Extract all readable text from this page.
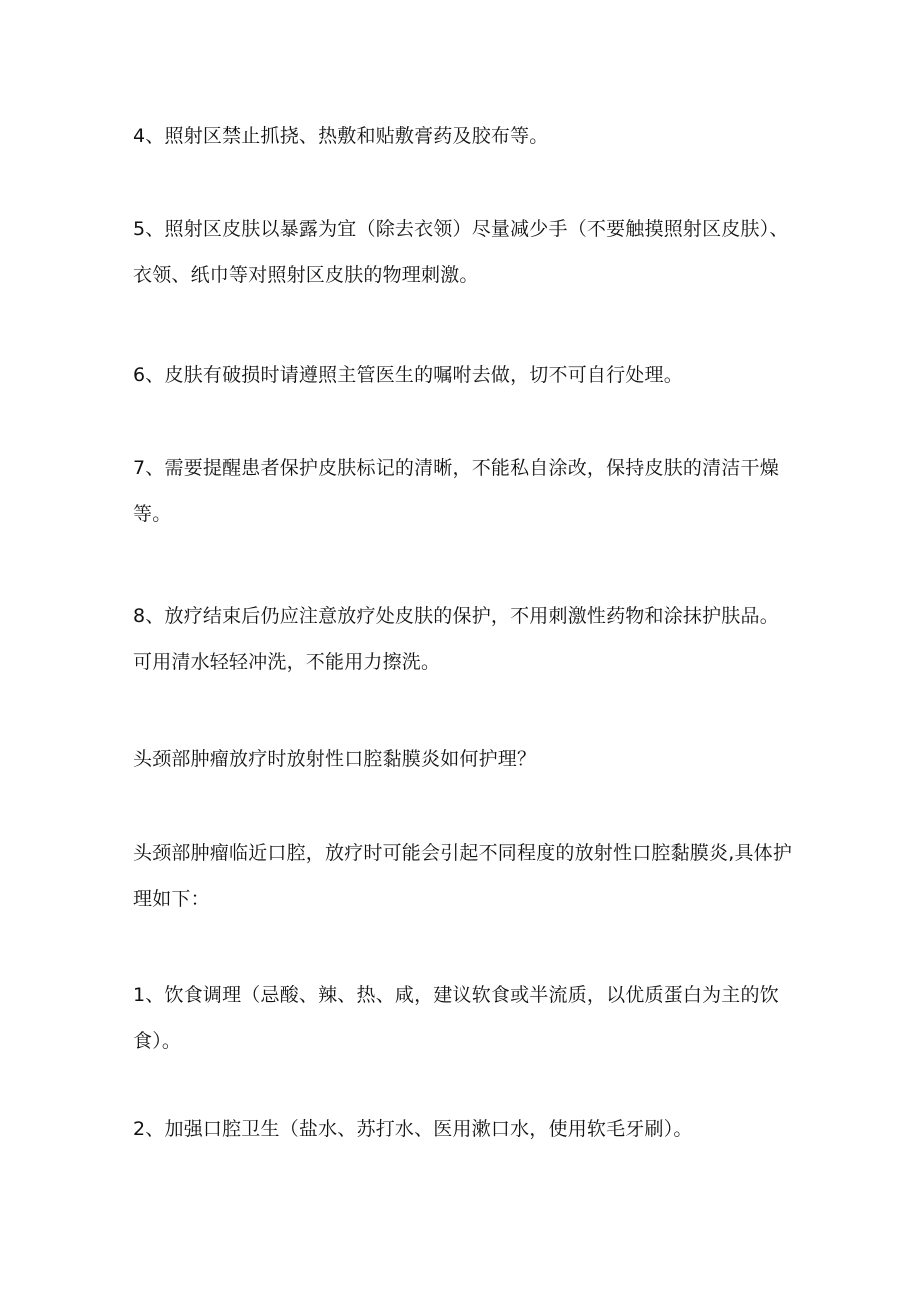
4、照射区禁止抓挠、热敷和贴敷膏药及胶布等。

5、照射区皮肤以暴露为宜（除去衣领）尽量减少手（不要触摸照射区皮肤）、衣领、纸巾等对照射区皮肤的物理刺激。

6、皮肤有破损时请遵照主管医生的嘱咐去做，切不可自行处理。

7、需要提醒患者保护皮肤标记的清晰，不能私自涂改，保持皮肤的清洁干燥等。

8、放疗结束后仍应注意放疗处皮肤的保护，不用刺激性药物和涂抹护肤品。可用清水轻轻冲洗，不能用力擦洗。

头颈部肿瘤放疗时放射性口腔黏膜炎如何护理？

头颈部肿瘤临近口腔，放疗时可能会引起不同程度的放射性口腔黏膜炎,具体护理如下：

1、饮食调理（忌酸、辣、热、咸，建议软食或半流质，以优质蛋白为主的饮食）。

2、加强口腔卫生（盐水、苏打水、医用漱口水，使用软毛牙刷）。
